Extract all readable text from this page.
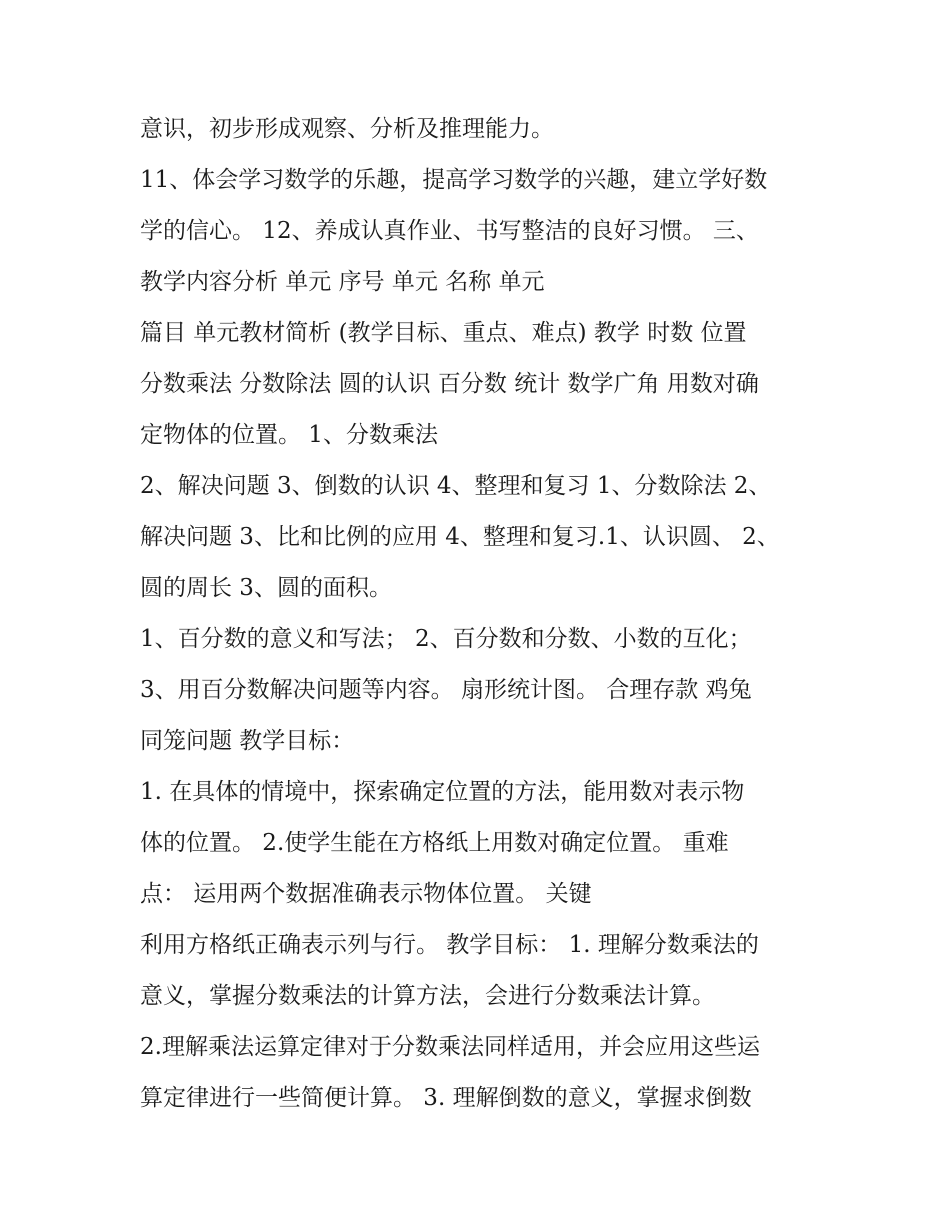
意识，初步形成观察、分析及推理能力。
11、体会学习数学的乐趣，提高学习数学的兴趣，建立学好数
学的信心。 12、养成认真作业、书写整洁的良好习惯。 三、
教学内容分析 单元 序号 单元 名称 单元
篇目 单元教材简析 (教学目标、重点、难点) 教学 时数 位置
分数乘法 分数除法 圆的认识 百分数 统计 数学广角 用数对确
定物体的位置。 1、分数乘法
2、解决问题 3、倒数的认识 4、整理和复习 1、分数除法 2、
解决问题 3、比和比例的应用 4、整理和复习.1、认识圆、 2、
圆的周长 3、圆的面积。
1、百分数的意义和写法； 2、百分数和分数、小数的互化；
3、用百分数解决问题等内容。 扇形统计图。 合理存款 鸡兔
同笼问题 教学目标：
1. 在具体的情境中，探索确定位置的方法，能用数对表示物
体的位置。 2.使学生能在方格纸上用数对确定位置。 重难
点： 运用两个数据准确表示物体位置。 关键
利用方格纸正确表示列与行。 教学目标： 1. 理解分数乘法的
意义，掌握分数乘法的计算方法，会进行分数乘法计算。
2.理解乘法运算定律对于分数乘法同样适用，并会应用这些运
算定律进行一些简便计算。 3. 理解倒数的意义，掌握求倒数
